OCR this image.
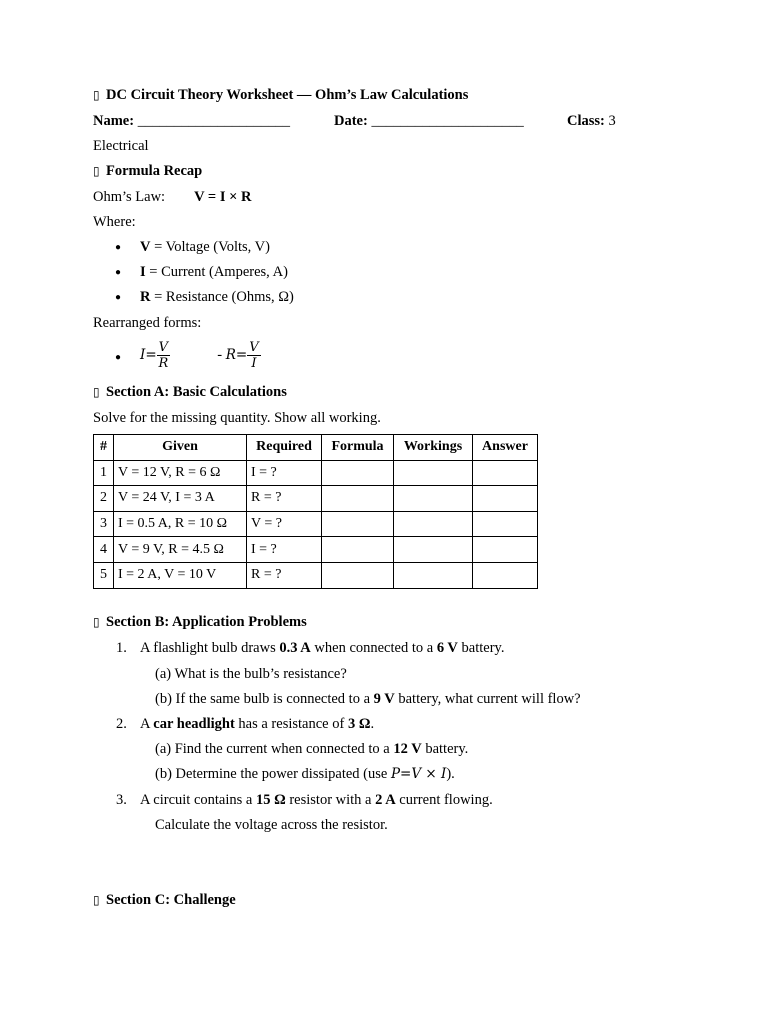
▯ DC Circuit Theory Worksheet — Ohm’s Law Calculations
Name: _____________________	Date: _____________________	Class: 3
Electrical
▯ Formula Recap
Ohm’s Law: V = I × R
Where:
● V = Voltage (Volts, V)
● I = Current (Amperes, A)
● R = Resistance (Ohms, Ω)
Rearranged forms:
● $I= \frac{V}{R}$	- $R= \frac{V}{I}$
▯ Section A: Basic Calculations
Solve for the missing quantity. Show all working.
#	Given	Required	Formula	Workings	Answer
1	V = 12 V, R = 6 Ω	I = ?			
2	V = 24 V, I = 3 A	R = ?			
3	I = 0.5 A, R = 10 Ω	V = ?			
4	V = 9 V, R = 4.5 Ω	I = ?			
5	I = 2 A, V = 10 V	R = ?			
▯ Section B: Application Problems
1. A flashlight bulb draws 0.3 A when connected to a 6 V battery.
(a) What is the bulb’s resistance?
(b) If the same bulb is connected to a 9 V battery, what current will flow?
2. A car headlight has a resistance of 3 Ω.
(a) Find the current when connected to a 12 V battery.
(b) Determine the power dissipated (use P=V × I).
3. A circuit contains a 15 Ω resistor with a 2 A current flowing.
Calculate the voltage across the resistor.
▯ Section C: Challenge
